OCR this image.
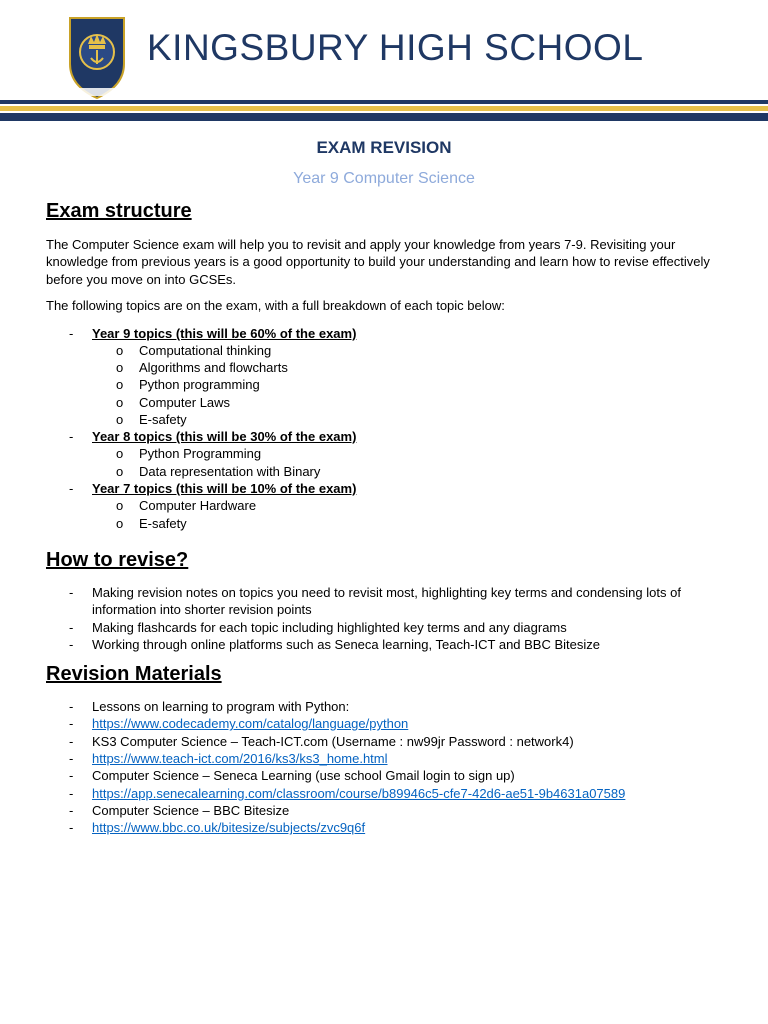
KINGSBURY HIGH SCHOOL
EXAM REVISION
Year 9 Computer Science
Exam structure
The Computer Science exam will help you to revisit and apply your knowledge from years 7-9. Revisiting your knowledge from previous years is a good opportunity to build your understanding and learn how to revise effectively before you move on into GCSEs.
The following topics are on the exam, with a full breakdown of each topic below:
- Year 9 topics (this will be 60% of the exam)
o Computational thinking
o Algorithms and flowcharts
o Python programming
o Computer Laws
o E-safety
- Year 8 topics (this will be 30% of the exam)
o Python Programming
o Data representation with Binary
- Year 7 topics (this will be 10% of the exam)
o Computer Hardware
o E-safety
How to revise?
- Making revision notes on topics you need to revisit most, highlighting key terms and condensing lots of information into shorter revision points
- Making flashcards for each topic including highlighted key terms and any diagrams
- Working through online platforms such as Seneca learning, Teach-ICT and BBC Bitesize
Revision Materials
- Lessons on learning to program with Python:
- https://www.codecademy.com/catalog/language/python
- KS3 Computer Science – Teach-ICT.com (Username : nw99jr Password : network4)
- https://www.teach-ict.com/2016/ks3/ks3_home.html
- Computer Science – Seneca Learning (use school Gmail login to sign up)
- https://app.senecalearning.com/classroom/course/b89946c5-cfe7-42d6-ae51-9b4631a07589
- Computer Science – BBC Bitesize
- https://www.bbc.co.uk/bitesize/subjects/zvc9q6f
